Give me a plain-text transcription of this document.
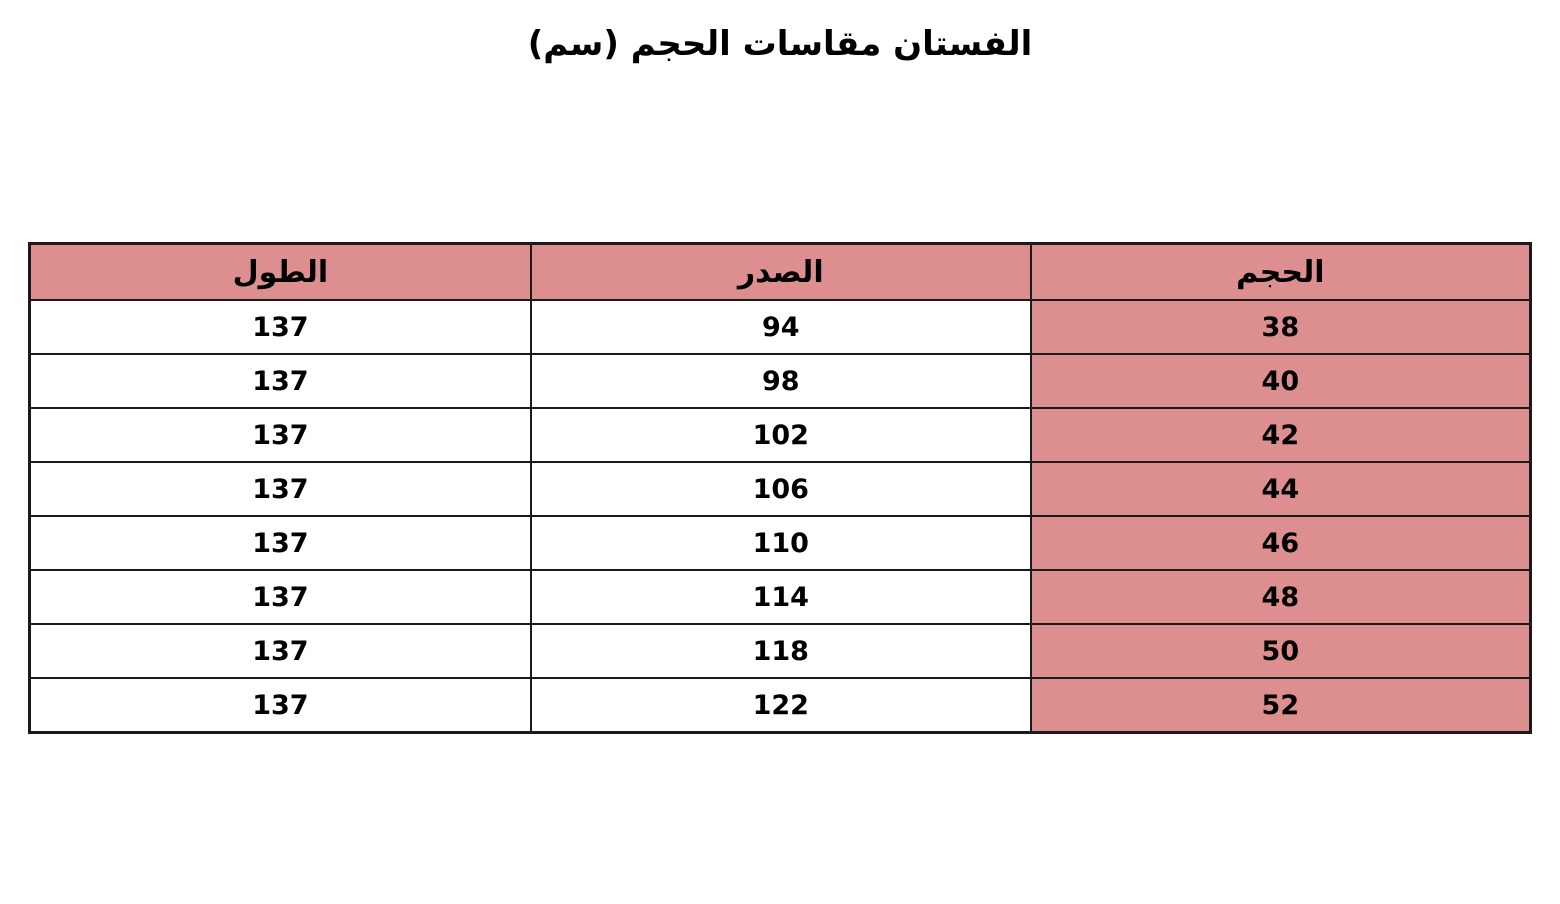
الفستان مقاسات الحجم (سم)
الحجم	الصدر	الطول
38	94	137
40	98	137
42	102	137
44	106	137
46	110	137
48	114	137
50	118	137
52	122	137
